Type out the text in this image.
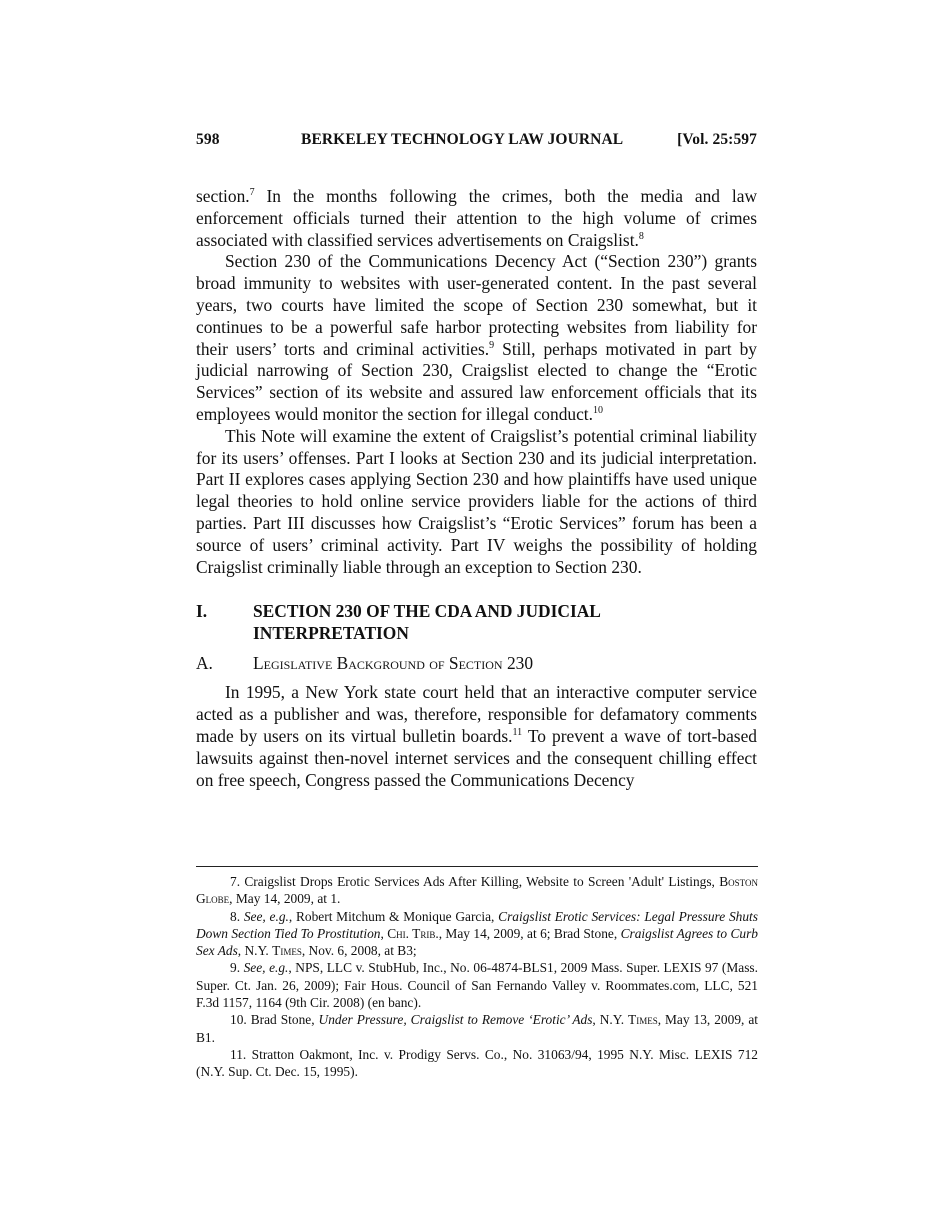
598	BERKELEY TECHNOLOGY LAW JOURNAL	[Vol. 25:597

section.$^7$ In the months following the crimes, both the media and law enforcement officials turned their attention to the high volume of crimes associated with classified services advertisements on Craigslist.$^8$

Section 230 of the Communications Decency Act (“Section 230”) grants broad immunity to websites with user-generated content. In the past several years, two courts have limited the scope of Section 230 somewhat, but it continues to be a powerful safe harbor protecting websites from liability for their users’ torts and criminal activities.$^9$ Still, perhaps motivated in part by judicial narrowing of Section 230, Craigslist elected to change the “Erotic Services” section of its website and assured law enforcement officials that its employees would monitor the section for illegal conduct.$^{10}$

This Note will examine the extent of Craigslist’s potential criminal liability for its users’ offenses. Part I looks at Section 230 and its judicial interpretation. Part II explores cases applying Section 230 and how plaintiffs have used unique legal theories to hold online service providers liable for the actions of third parties. Part III discusses how Craigslist’s “Erotic Services” forum has been a source of users’ criminal activity. Part IV weighs the possibility of holding Craigslist criminally liable through an exception to Section 230.

I.	SECTION 230 OF THE CDA AND JUDICIAL INTERPRETATION
A. Legislative Background of Section 230

In 1995, a New York state court held that an interactive computer service acted as a publisher and was, therefore, responsible for defamatory comments made by users on its virtual bulletin boards.$^{11}$ To prevent a wave of tort-based lawsuits against then-novel internet services and the consequent chilling effect on free speech, Congress passed the Communications Decency

7. Craigslist Drops Erotic Services Ads After Killing, Website to Screen 'Adult' Listings, Boston Globe, May 14, 2009, at 1.

8. See, e.g., Robert Mitchum & Monique Garcia, Craigslist Erotic Services: Legal Pressure Shuts Down Section Tied To Prostitution, Chi. Trib., May 14, 2009, at 6; Brad Stone, Craigslist Agrees to Curb Sex Ads, N.Y. Times, Nov. 6, 2008, at B3;

9. See, e.g., NPS, LLC v. StubHub, Inc., No. 06-4874-BLS1, 2009 Mass. Super. LEXIS 97 (Mass. Super. Ct. Jan. 26, 2009); Fair Hous. Council of San Fernando Valley v. Roommates.com, LLC, 521 F.3d 1157, 1164 (9th Cir. 2008) (en banc).

10. Brad Stone, Under Pressure, Craigslist to Remove ‘Erotic’ Ads, N.Y. Times, May 13, 2009, at B1.

11. Stratton Oakmont, Inc. v. Prodigy Servs. Co., No. 31063/94, 1995 N.Y. Misc. LEXIS 712 (N.Y. Sup. Ct. Dec. 15, 1995).
